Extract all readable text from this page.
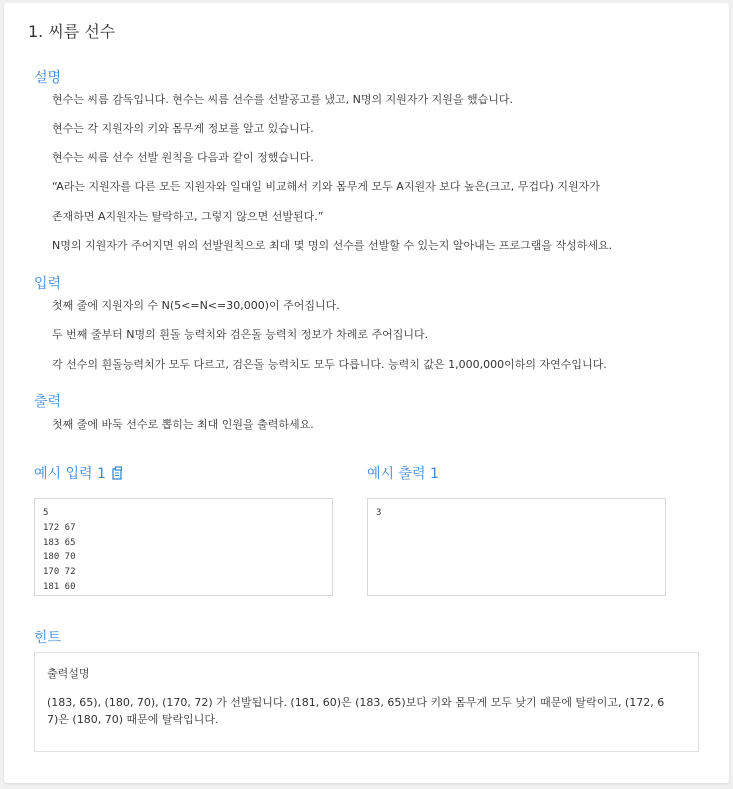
1. 씨름 선수
설명

현수는 씨름 감독입니다. 현수는 씨름 선수를 선발공고를 냈고, N명의 지원자가 지원을 했습니다.

현수는 각 지원자의 키와 몸무게 정보를 알고 있습니다.

현수는 씨름 선수 선발 원칙을 다음과 같이 정했습니다.

“A라는 지원자를 다른 모든 지원자와 일대일 비교해서 키와 몸무게 모두 A지원자 보다 높은(크고, 무겁다) 지원자가

존재하면 A지원자는 탈락하고, 그렇지 않으면 선발된다.”

N명의 지원자가 주어지면 위의 선발원칙으로 최대 몇 명의 선수를 선발할 수 있는지 알아내는 프로그램을 작성하세요.

입력

첫째 줄에 지원자의 수 N(5<=N<=30,000)이 주어집니다.

두 번째 줄부터 N명의 흰돌 능력치와 검은돌 능력치 정보가 차례로 주어집니다.

각 선수의 흰돌능력치가 모두 다르고, 검은돌 능력치도 모두 다릅니다. 능력치 값은 1,000,000이하의 자연수입니다.

출력

첫째 줄에 바둑 선수로 뽑히는 최대 인원을 출력하세요.

예시 입력 1	예시 출력 1
5
172 67
183 65
180 70
170 72
181 60
3
힌트

출력설명

(183, 65), (180, 70), (170, 72) 가 선발됩니다. (181, 60)은 (183, 65)보다 키와 몸무게 모두 낮기 때문에 탈락이고, (172, 6

7)은 (180, 70) 때문에 탈락입니다.
